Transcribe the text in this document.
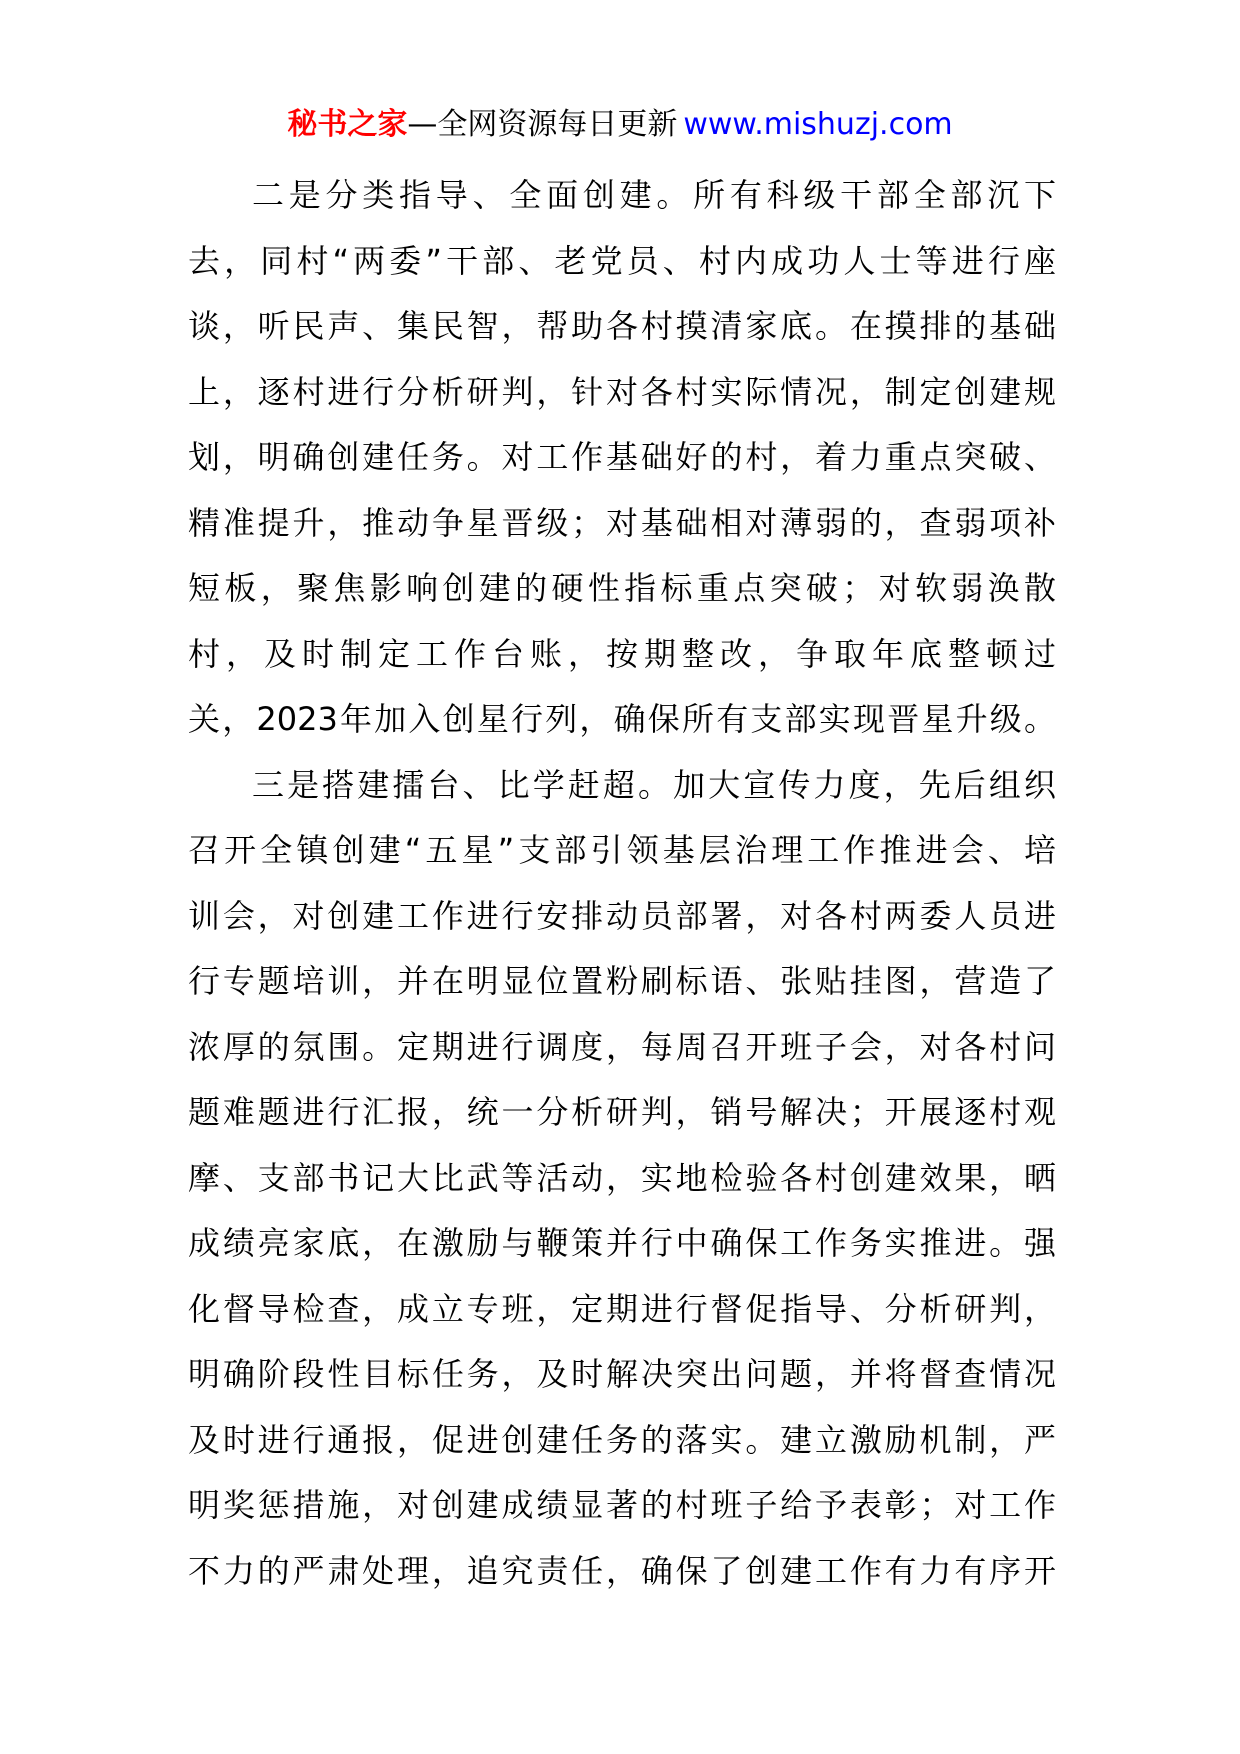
秘书之家—全网资源每日更新 www.mishuzj.com
二是分类指导、全面创建。所有科级干部全部沉下
去，同村“两委”干部、老党员、村内成功人士等进行座
谈，听民声、集民智，帮助各村摸清家底。在摸排的基础
上，逐村进行分析研判，针对各村实际情况，制定创建规
划，明确创建任务。对工作基础好的村，着力重点突破、
精准提升，推动争星晋级；对基础相对薄弱的，查弱项补
短板，聚焦影响创建的硬性指标重点突破；对软弱涣散
村，及时制定工作台账，按期整改，争取年底整顿过
关，2023年加入创星行列，确保所有支部实现晋星升级。
三是搭建擂台、比学赶超。加大宣传力度，先后组织
召开全镇创建“五星”支部引领基层治理工作推进会、培
训会，对创建工作进行安排动员部署，对各村两委人员进
行专题培训，并在明显位置粉刷标语、张贴挂图，营造了
浓厚的氛围。定期进行调度，每周召开班子会，对各村问
题难题进行汇报，统一分析研判，销号解决；开展逐村观
摩、支部书记大比武等活动，实地检验各村创建效果，晒
成绩亮家底，在激励与鞭策并行中确保工作务实推进。强
化督导检查，成立专班，定期进行督促指导、分析研判，
明确阶段性目标任务，及时解决突出问题，并将督查情况
及时进行通报，促进创建任务的落实。建立激励机制，严
明奖惩措施，对创建成绩显著的村班子给予表彰；对工作
不力的严肃处理，追究责任，确保了创建工作有力有序开
